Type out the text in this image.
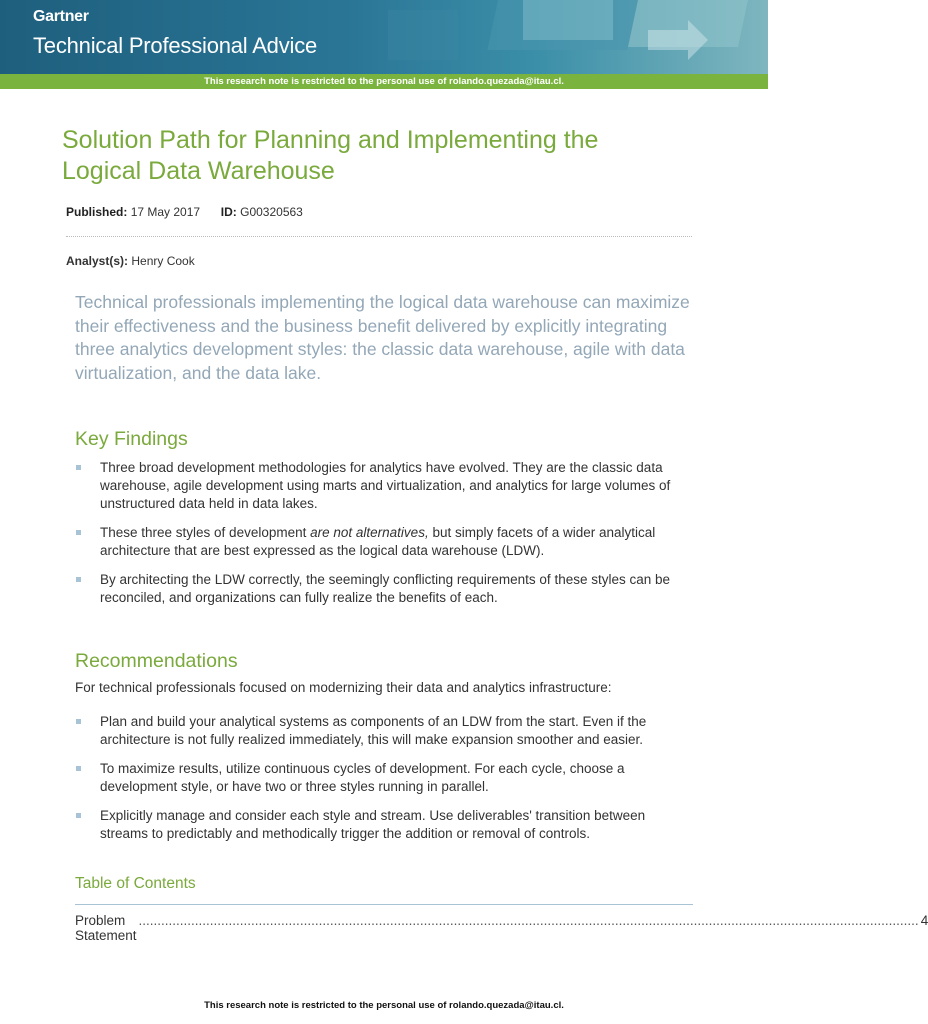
Gartner
Technical Professional Advice
This research note is restricted to the personal use of rolando.quezada@itau.cl.
Solution Path for Planning and Implementing the Logical Data Warehouse
Published: 17 May 2017 ID: G00320563
Analyst(s): Henry Cook

Technical professionals implementing the logical data warehouse can maximize their effectiveness and the business benefit delivered by explicitly integrating three analytics development styles: the classic data warehouse, agile with data virtualization, and the data lake.

Key Findings
Three broad development methodologies for analytics have evolved. They are the classic data warehouse, agile development using marts and virtualization, and analytics for large volumes of unstructured data held in data lakes.
These three styles of development are not alternatives, but simply facets of a wider analytical architecture that are best expressed as the logical data warehouse (LDW).
By architecting the LDW correctly, the seemingly conflicting requirements of these styles can be reconciled, and organizations can fully realize the benefits of each.
Recommendations
For technical professionals focused on modernizing their data and analytics infrastructure:
Plan and build your analytical systems as components of an LDW from the start. Even if the architecture is not fully realized immediately, this will make expansion smoother and easier.
To maximize results, utilize continuous cycles of development. For each cycle, choose a development style, or have two or three styles running in parallel.
Explicitly manage and consider each style and stream. Use deliverables' transition between streams to predictably and methodically trigger the addition or removal of controls.
Table of Contents
Problem Statement
................................................................................................................................................................................................................ 4
This research note is restricted to the personal use of rolando.quezada@itau.cl.
